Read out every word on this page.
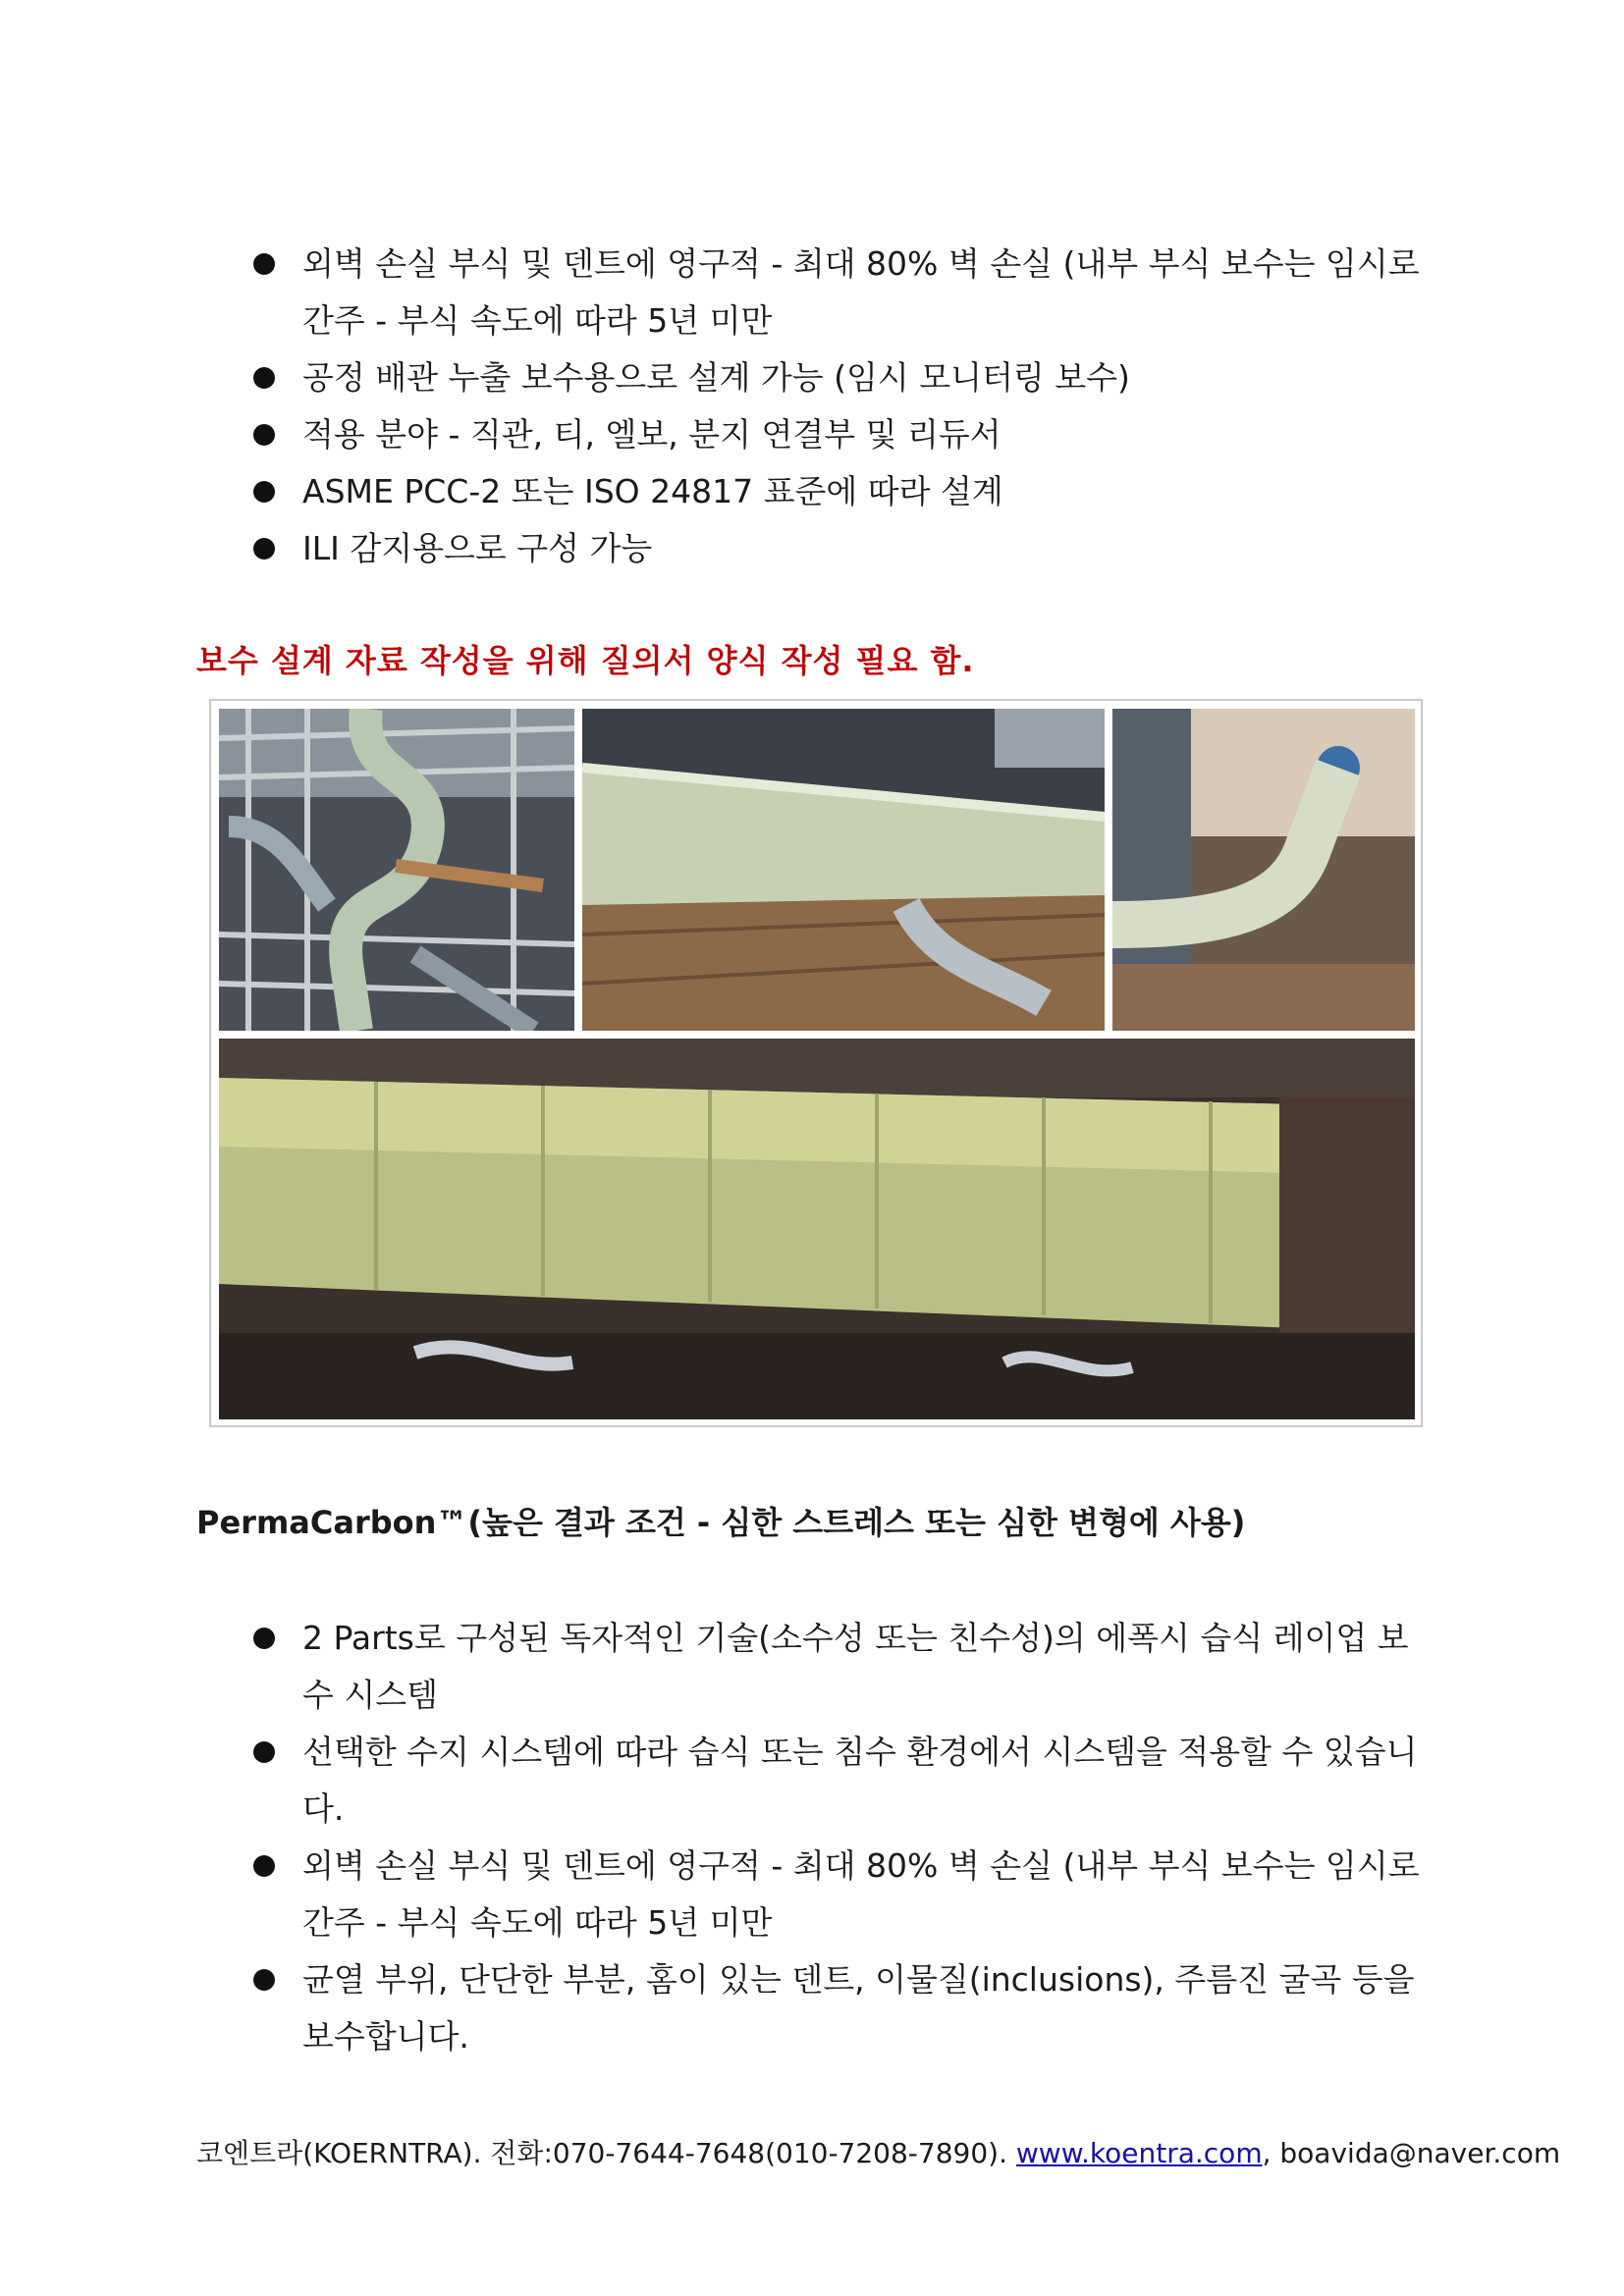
외벽 손실 부식 및 덴트에 영구적 - 최대 80% 벽 손실 (내부 부식 보수는 임시로 간주 - 부식 속도에 따라 5년 미만
공정 배관 누출 보수용으로 설계 가능 (임시 모니터링 보수)
적용 분야 - 직관, 티, 엘보, 분지 연결부 및 리듀서
ASME PCC-2 또는 ISO 24817 표준에 따라 설계
ILI 감지용으로 구성 가능
보수 설계 자료 작성을 위해 질의서 양식 작성 필요 함.
PermaCarbon™(높은 결과 조건 - 심한 스트레스 또는 심한 변형에 사용)
2 Parts로 구성된 독자적인 기술(소수성 또는 친수성)의 에폭시 습식 레이업 보수 시스템
선택한 수지 시스템에 따라 습식 또는 침수 환경에서 시스템을 적용할 수 있습니다.
외벽 손실 부식 및 덴트에 영구적 - 최대 80% 벽 손실 (내부 부식 보수는 임시로 간주 - 부식 속도에 따라 5년 미만
균열 부위, 단단한 부분, 홈이 있는 덴트, 이물질(inclusions), 주름진 굴곡 등을 보수합니다.
코엔트라(KOERNTRA). 전화:070-7644-7648(010-7208-7890). www.koentra.com, boavida@naver.com
